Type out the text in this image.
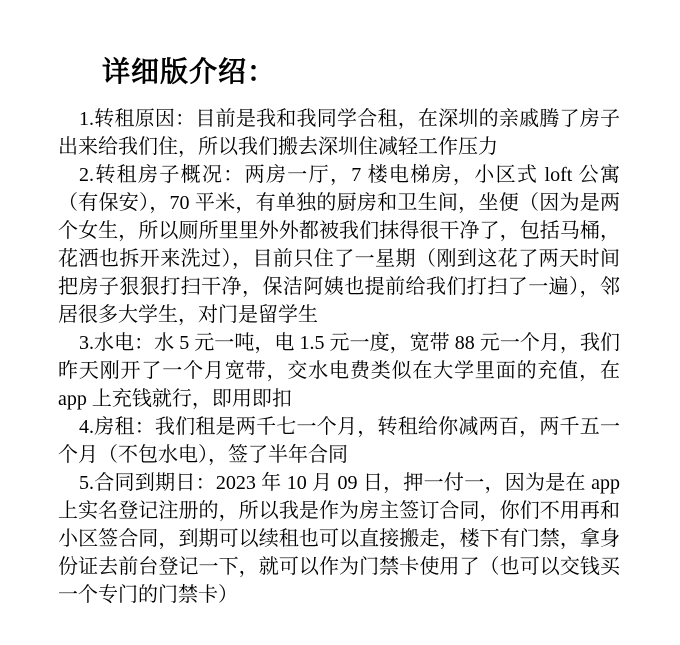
详细版介绍：

1.转租原因：目前是我和我同学合租，在深圳的亲戚腾了房子出来给我们住，所以我们搬去深圳住减轻工作压力

2.转租房子概况：两房一厅，7 楼电梯房，小区式 loft 公寓（有保安），70 平米，有单独的厨房和卫生间，坐便（因为是两个女生，所以厕所里里外外都被我们抹得很干净了，包括马桶，花洒也拆开来洗过），目前只住了一星期（刚到这花了两天时间把房子狠狠打扫干净，保洁阿姨也提前给我们打扫了一遍），邻居很多大学生，对门是留学生

3.水电：水 5 元一吨，电 1.5 元一度，宽带 88 元一个月，我们昨天刚开了一个月宽带，交水电费类似在大学里面的充值，在 app 上充钱就行，即用即扣

4.房租：我们租是两千七一个月，转租给你减两百，两千五一个月（不包水电），签了半年合同

5.合同到期日：2023 年 10 月 09 日，押一付一，因为是在 app 上实名登记注册的，所以我是作为房主签订合同，你们不用再和小区签合同，到期可以续租也可以直接搬走，楼下有门禁，拿身份证去前台登记一下，就可以作为门禁卡使用了（也可以交钱买一个专门的门禁卡）
